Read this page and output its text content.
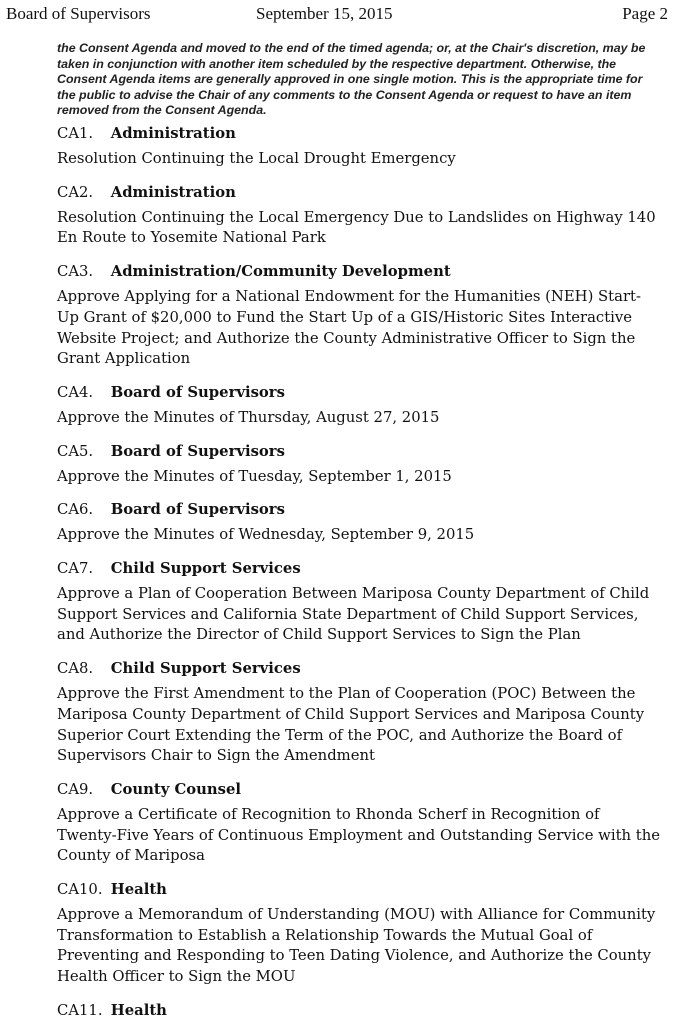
Board of Supervisors	September 15, 2015	Page 2
the Consent Agenda and moved to the end of the timed agenda; or, at the Chair's discretion, may be taken in conjunction with another item scheduled by the respective department. Otherwise, the Consent Agenda items are generally approved in one single motion. This is the appropriate time for the public to advise the Chair of any comments to the Consent Agenda or request to have an item removed from the Consent Agenda.
CA1. Administration
Resolution Continuing the Local Drought Emergency
CA2. Administration
Resolution Continuing the Local Emergency Due to Landslides on Highway 140 En Route to Yosemite National Park
CA3. Administration/Community Development
Approve Applying for a National Endowment for the Humanities (NEH) Start-Up Grant of $20,000 to Fund the Start Up of a GIS/Historic Sites Interactive Website Project; and Authorize the County Administrative Officer to Sign the Grant Application
CA4. Board of Supervisors
Approve the Minutes of Thursday, August 27, 2015
CA5. Board of Supervisors
Approve the Minutes of Tuesday, September 1, 2015
CA6. Board of Supervisors
Approve the Minutes of Wednesday, September 9, 2015
CA7. Child Support Services
Approve a Plan of Cooperation Between Mariposa County Department of Child Support Services and California State Department of Child Support Services, and Authorize the Director of Child Support Services to Sign the Plan
CA8. Child Support Services
Approve the First Amendment to the Plan of Cooperation (POC) Between the Mariposa County Department of Child Support Services and Mariposa County Superior Court Extending the Term of the POC, and Authorize the Board of Supervisors Chair to Sign the Amendment
CA9. County Counsel
Approve a Certificate of Recognition to Rhonda Scherf in Recognition of Twenty-Five Years of Continuous Employment and Outstanding Service with the County of Mariposa
CA10. Health
Approve a Memorandum of Understanding (MOU) with Alliance for Community Transformation to Establish a Relationship Towards the Mutual Goal of Preventing and Responding to Teen Dating Violence, and Authorize the County Health Officer to Sign the MOU
CA11. Health
